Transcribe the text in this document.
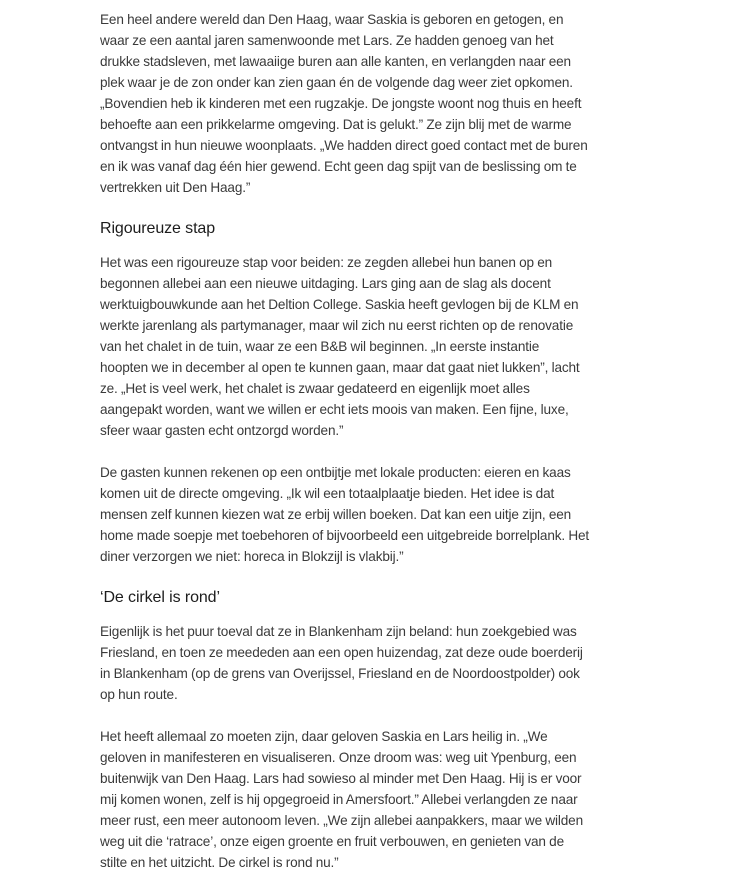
Een heel andere wereld dan Den Haag, waar Saskia is geboren en getogen, en waar ze een aantal jaren samenwoonde met Lars. Ze hadden genoeg van het drukke stadsleven, met lawaaiige buren aan alle kanten, en verlangden naar een plek waar je de zon onder kan zien gaan én de volgende dag weer ziet opkomen. „Bovendien heb ik kinderen met een rugzakje. De jongste woont nog thuis en heeft behoefte aan een prikkelarme omgeving. Dat is gelukt.” Ze zijn blij met de warme ontvangst in hun nieuwe woonplaats. „We hadden direct goed contact met de buren en ik was vanaf dag één hier gewend. Echt geen dag spijt van de beslissing om te vertrekken uit Den Haag.”

Rigoureuze stap

Het was een rigoureuze stap voor beiden: ze zegden allebei hun banen op en begonnen allebei aan een nieuwe uitdaging. Lars ging aan de slag als docent werktuigbouwkunde aan het Deltion College. Saskia heeft gevlogen bij de KLM en werkte jarenlang als partymanager, maar wil zich nu eerst richten op de renovatie van het chalet in de tuin, waar ze een B&B wil beginnen. „In eerste instantie hoopten we in december al open te kunnen gaan, maar dat gaat niet lukken”, lacht ze. „Het is veel werk, het chalet is zwaar gedateerd en eigenlijk moet alles aangepakt worden, want we willen er echt iets moois van maken. Een fijne, luxe, sfeer waar gasten echt ontzorgd worden.”

De gasten kunnen rekenen op een ontbijtje met lokale producten: eieren en kaas komen uit de directe omgeving. „Ik wil een totaalplaatje bieden. Het idee is dat mensen zelf kunnen kiezen wat ze erbij willen boeken. Dat kan een uitje zijn, een home made soepje met toebehoren of bijvoorbeeld een uitgebreide borrelplank. Het diner verzorgen we niet: horeca in Blokzijl is vlakbij.”

‘De cirkel is rond’

Eigenlijk is het puur toeval dat ze in Blankenham zijn beland: hun zoekgebied was Friesland, en toen ze meededen aan een open huizendag, zat deze oude boerderij in Blankenham (op de grens van Overijssel, Friesland en de Noordoostpolder) ook op hun route.

Het heeft allemaal zo moeten zijn, daar geloven Saskia en Lars heilig in. „We geloven in manifesteren en visualiseren. Onze droom was: weg uit Ypenburg, een buitenwijk van Den Haag. Lars had sowieso al minder met Den Haag. Hij is er voor mij komen wonen, zelf is hij opgegroeid in Amersfoort.” Allebei verlangden ze naar meer rust, een meer autonoom leven. „We zijn allebei aanpakkers, maar we wilden weg uit die ‘ratrace’, onze eigen groente en fruit verbouwen, en genieten van de stilte en het uitzicht. De cirkel is rond nu.”
